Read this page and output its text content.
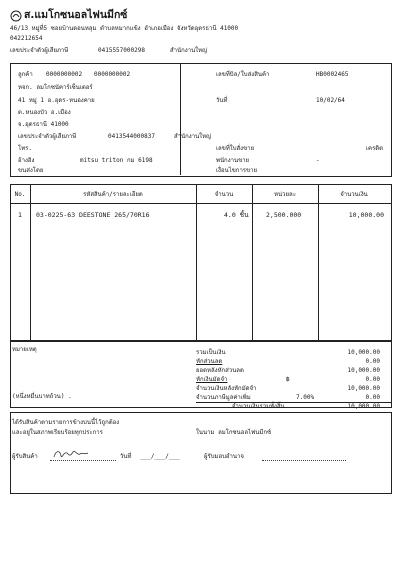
ส.แมโกซนอลไฟนมีกซ์
46/13 หมู่ที่5 ซอยบ้านดอนหลุม ตำบลหมากแข้ง อำเภอเมือง จังหวัดอุดรธานี 41000
042212654
เลขประจำตัวผู้เสียภาษี	0415557000298	สำนักงานใหญ่
ลูกค้า 0000000002 0000000002
หจก. ลมโกซนัคาร์เซ็นเตอร์
41 หมู่ 1 อ.อุดร-หนองคาย
ต.หนองบัว อ.เมือง
จ.อุดรธานี 41000
เลขประจำตัวผู้เสียภาษี	0413544000837	สำนักงานใหญ่
โทร.
อ้างอิง	mitsu triton กม 6198
ขนส่งโดย
เลขที่บิล/ใบส่งสินค้า	HB0002465
วันที่	10/02/64
เลขที่ใบสั่งขาย	เครดิต
พนักงานขาย	-
เงื่อนไขการขาย
No.	รหัสสินค้า/รายละเอียด	จำนวน	หน่วยละ	จำนวนเงิน
1	03-0225-63 DEESTONE 265/70R16	4.0 ชิ้น	2,500.000	10,000.00
หมายเหตุ
(หนึ่งหมื่นบาทถ้วน) .
รวมเป็นเงิน	10,000.00
หักส่วนลด	0.00
ยอดหลังหักส่วนลด	10,000.00
หักเงินมัดจำ	฿	0.00
จำนวนเงินหลังหักมัดจำ	10,000.00
จำนวนภาษีมูลค่าเพิ่ม	7.00%	0.00
จำนวนเงินรวมทั้งสิ้น	10,000.00
ได้รับสินค้าตามรายการข้างบนนี้ไว้ถูกต้อง
และอยู่ในสภาพเรียบร้อยทุกประการ	ในนาม ลมโกซนอลไฟนมีกซ์
ผู้รับสินค้า	วันที่ ___/___/___	ผู้รับมอบอำนาจ
